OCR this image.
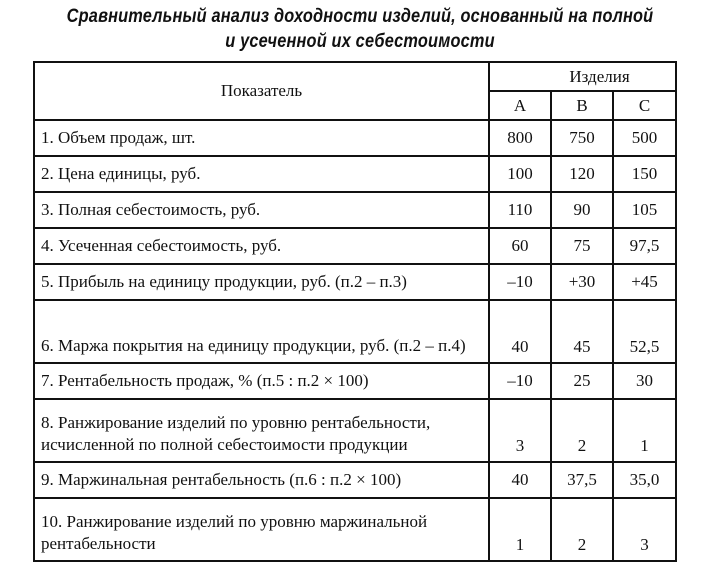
Сравнительный анализ доходности изделий, основанный на полной
и усеченной их себестоимости
Показатель	Изделия		
	А	В	С
1. Объем продаж, шт.	800	750	500
2. Цена единицы, руб.	100	120	150
3. Полная себестоимость, руб.	110	90	105
4. Усеченная себестоимость, руб.	60	75	97,5
5. Прибыль на единицу продукции, руб. (п.2 – п.3)	–10	+30	+45
6. Маржа покрытия на единицу продукции, руб. (п.2 – п.4)	40	45	52,5
7. Рентабельность продаж, % (п.5 : п.2 × 100)	–10	25	30
8. Ранжирование изделий по уровню рентабельности, исчисленной по полной себестоимости продукции	3	2	1
9. Маржинальная рентабельность (п.6 : п.2 × 100)	40	37,5	35,0
10. Ранжирование изделий по уровню маржинальной рентабельности	1	2	3
